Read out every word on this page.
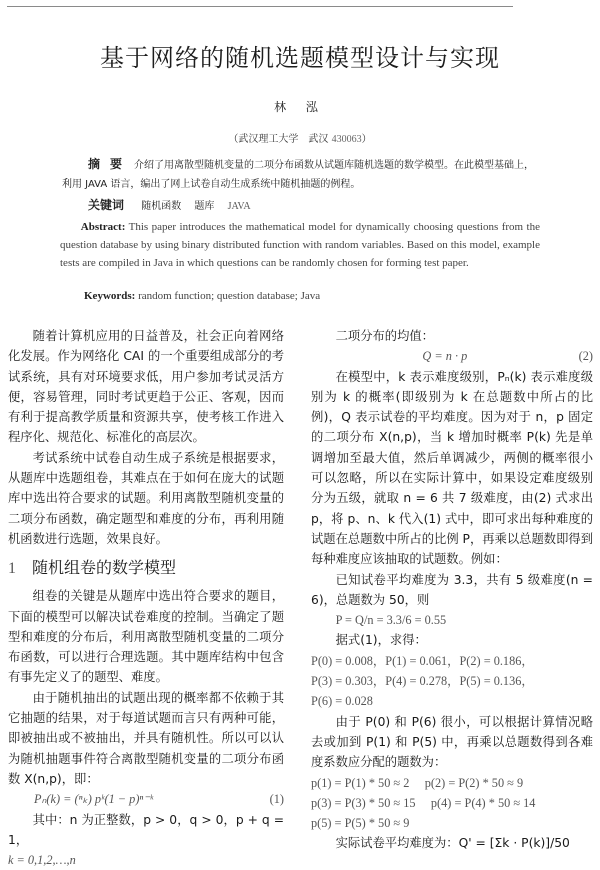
基于网络的随机选题模型设计与实现
林 泓
（武汉理工大学　武汉 430063）
摘要 介绍了用离散型随机变量的二项分布函数从试题库随机选题的数学模型。在此模型基础上，利用 JAVA 语言，编出了网上试卷自动生成系统中随机抽题的例程。
关键词 随机函数 题库 JAVA
Abstract: This paper introduces the mathematical model for dynamically choosing questions from the question database by using binary distributed function with random variables. Based on this model, example tests are compiled in Java in which questions can be randomly chosen for forming test paper.
Keywords: random function; question database; Java

随着计算机应用的日益普及，社会正向着网络化发展。作为网络化 CAI 的一个重要组成部分的考试系统，具有对环境要求低，用户参加考试灵活方便，容易管理，同时考试更趋于公正、客观，因而有利于提高教学质量和资源共享，使考核工作进入程序化、规范化、标准化的高层次。

考试系统中试卷自动生成子系统是根据要求，从题库中选题组卷，其难点在于如何在庞大的试题库中选出符合要求的试题。利用离散型随机变量的二项分布函数，确定题型和难度的分布，再利用随机函数进行选题，效果良好。

1 随机组卷的数学模型

组卷的关键是从题库中选出符合要求的题目，下面的模型可以解决试卷难度的控制。当确定了题型和难度的分布后，利用离散型随机变量的二项分布函数，可以进行合理选题。其中题库结构中包含有事先定义了的题型、难度。

由于随机抽出的试题出现的概率都不依赖于其它抽题的结果，对于每道试题而言只有两种可能，即被抽出或不被抽出，并具有随机性。所以可以认为随机抽题事件符合离散型随机变量的二项分布函数 X(n,p)，即：

Pₙ(k) = (ⁿₖ) pᵏ(1 − p)ⁿ⁻ᵏ	(1)

其中：n 为正整数，p > 0，q > 0，p + q = 1，

k = 0,1,2,…,n

二项分布的均值：

Q = n · p	(2)

在模型中，k 表示难度级别，Pₙ(k) 表示难度级别为 k 的概率(即级别为 k 在总题数中所占的比例)，Q 表示试卷的平均难度。因为对于 n，p 固定的二项分布 X(n,p)，当 k 增加时概率 P(k) 先是单调增加至最大值，然后单调减少，两侧的概率很小可以忽略，所以在实际计算中，如果设定难度级别分为五级，就取 n = 6 共 7 级难度，由(2) 式求出 p，将 p、n、k 代入(1) 式中，即可求出每种难度的试题在总题数中所占的比例 P，再乘以总题数即得到每种难度应该抽取的试题数。例如：

已知试卷平均难度为 3.3，共有 5 级难度(n = 6)，总题数为 50，则

P = Q/n = 3.3/6 = 0.55

据式(1)，求得：

P(0) = 0.008，P(1) = 0.061，P(2) = 0.186，

P(3) = 0.303，P(4) = 0.278，P(5) = 0.136，

P(6) = 0.028

由于 P(0) 和 P(6) 很小，可以根据计算情况略去或加到 P(1) 和 P(5) 中，再乘以总题数得到各难度系数应分配的题数为：

p(1) = P(1) * 50 ≈ 2　 p(2) = P(2) * 50 ≈ 9

p(3) = P(3) * 50 ≈ 15　 p(4) = P(4) * 50 ≈ 14

p(5) = P(5) * 50 ≈ 9

实际试卷平均难度为：Q' = [Σk · P(k)]/50
